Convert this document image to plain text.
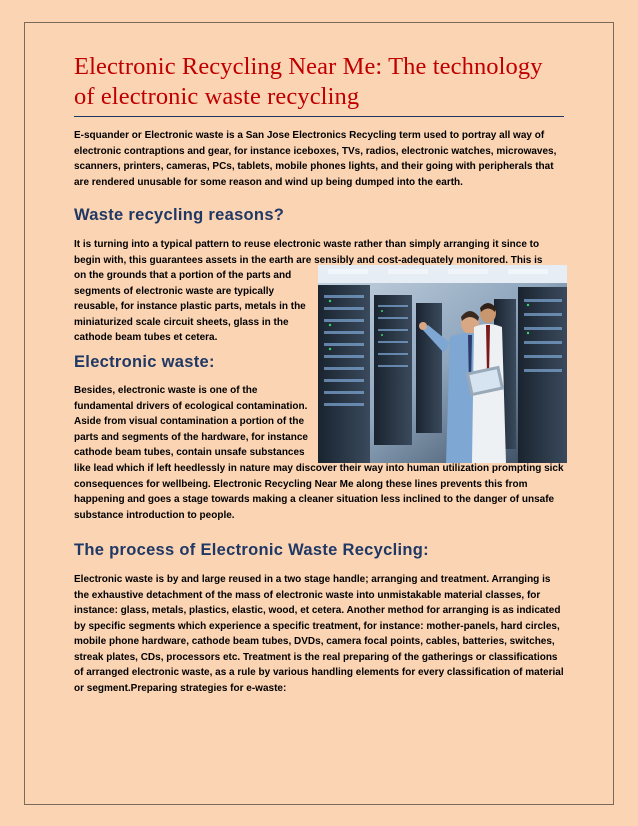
Electronic Recycling Near Me: The technology of electronic waste recycling

E-squander or Electronic waste is a San Jose Electronics Recycling term used to portray all way of electronic contraptions and gear, for instance iceboxes, TVs, radios, electronic watches, microwaves, scanners, printers, cameras, PCs, tablets, mobile phones lights, and their going with peripherals that are rendered unusable for some reason and wind up being dumped into the earth.

Waste recycling reasons?

It is turning into a typical pattern to reuse electronic waste rather than simply arranging it since to begin with, this guarantees assets in the earth are sensibly and cost-adequately monitored. This is

on the grounds that a portion of the parts and segments of electronic waste are typically reusable, for instance plastic parts, metals in the miniaturized scale circuit sheets, glass in the cathode beam tubes et cetera.

Electronic waste:

Besides, electronic waste is one of the fundamental drivers of ecological contamination. Aside from visual contamination a portion of the parts and segments of the hardware, for instance cathode beam tubes, contain unsafe substances

like lead which if left heedlessly in nature may discover their way into human utilization prompting sick consequences for wellbeing. Electronic Recycling Near Me along these lines prevents this from happening and goes a stage towards making a cleaner situation less inclined to the danger of unsafe substance introduction to people.

The process of Electronic Waste Recycling:

Electronic waste is by and large reused in a two stage handle; arranging and treatment. Arranging is the exhaustive detachment of the mass of electronic waste into unmistakable material classes, for instance: glass, metals, plastics, elastic, wood, et cetera. Another method for arranging is as indicated by specific segments which experience a specific treatment, for instance: mother-panels, hard circles, mobile phone hardware, cathode beam tubes, DVDs, camera focal points, cables, batteries, switches, streak plates, CDs, processors etc. Treatment is the real preparing of the gatherings or classifications of arranged electronic waste, as a rule by various handling elements for every classification of material or segment.Preparing strategies for e-waste:
